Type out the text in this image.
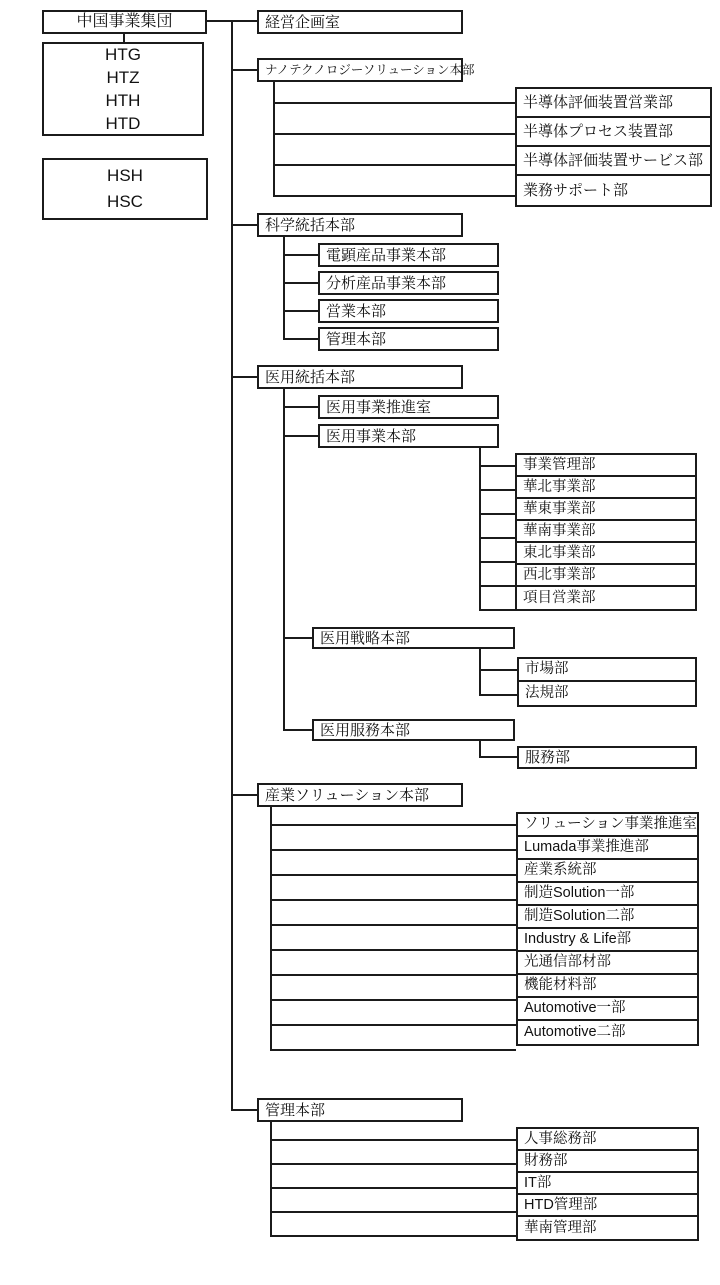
中国事業集団
HTG
HTZ
HTH
HTD
HSH
HSC
経営企画室
ナノテクノロジーソリューション本部
科学統括本部
医用統括本部
産業ソリューション本部
管理本部
半導体評価装置営業部
半導体プロセス装置部
半導体評価装置サービス部
業務サポート部
電顕産品事業本部
分析産品事業本部
営業本部
管理本部
医用事業推進室
医用事業本部
事業管理部
華北事業部
華東事業部
華南事業部
東北事業部
西北事業部
項目営業部
医用戦略本部
市場部
法規部
医用服務本部
服務部
ソリューション事業推進室
Lumada事業推進部
産業系統部
制造Solution一部
制造Solution二部
Industry & Life部
光通信部材部
機能材料部
Automotive一部
Automotive二部
人事総務部
財務部
IT部
HTD管理部
華南管理部
